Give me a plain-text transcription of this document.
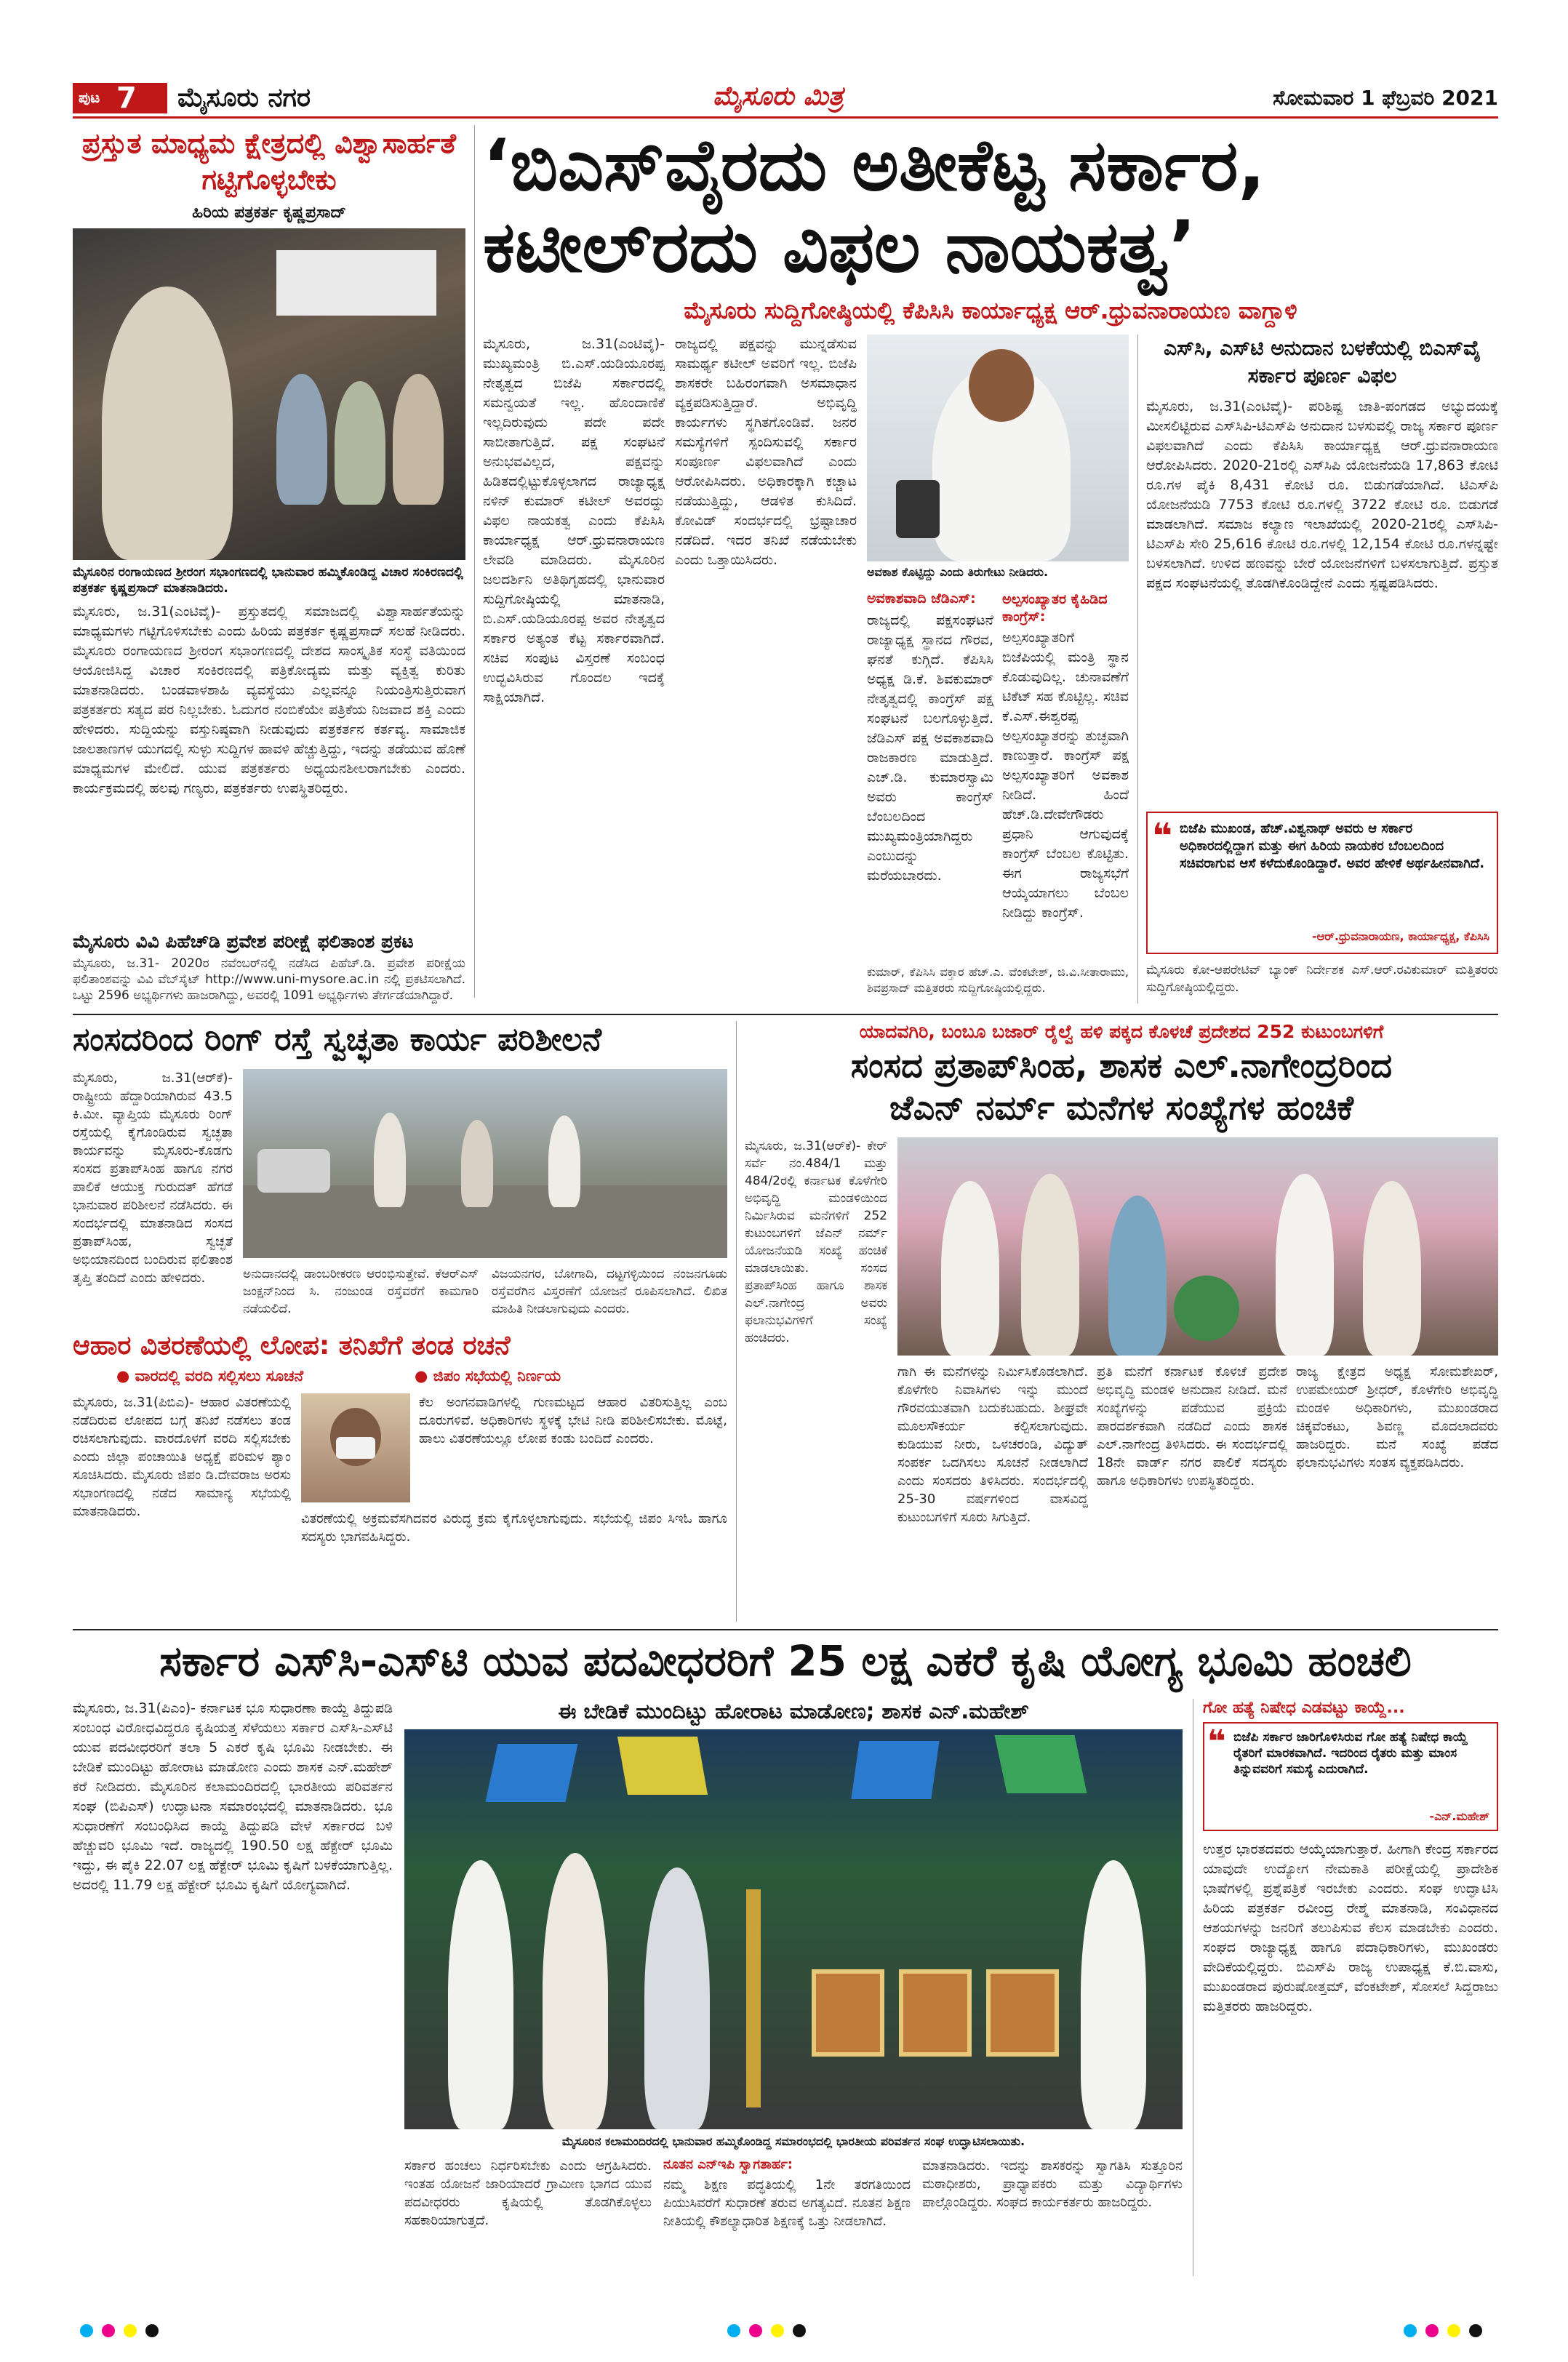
ಪುಟ 7 ಮೈಸೂರು ನಗರ	ಮೈಸೂರು ಮಿತ್ರ	ಸೋಮವಾರ 1 ಫೆಬ್ರವರಿ 2021
ಪ್ರಸ್ತುತ ಮಾಧ್ಯಮ ಕ್ಷೇತ್ರದಲ್ಲಿ ವಿಶ್ವಾಸಾರ್ಹತೆ ಗಟ್ಟಿಗೊಳ್ಳಬೇಕು
ಹಿರಿಯ ಪತ್ರಕರ್ತ ಕೃಷ್ಣಪ್ರಸಾದ್
ಮೈಸೂರಿನ ರಂಗಾಯಣದ ಶ್ರೀರಂಗ ಸಭಾಂಗಣದಲ್ಲಿ ಭಾನುವಾರ ಹಮ್ಮಿಕೊಂಡಿದ್ದ ವಿಚಾರ ಸಂಕಿರಣದಲ್ಲಿ ಪತ್ರಕರ್ತ ಕೃಷ್ಣಪ್ರಸಾದ್ ಮಾತನಾಡಿದರು.
ಮೈಸೂರು, ಜ.31(ಎಂಟಿವೈ)- ಪ್ರಸ್ತುತದಲ್ಲಿ ಸಮಾಜದಲ್ಲಿ ವಿಶ್ವಾಸಾರ್ಹತೆಯನ್ನು ಮಾಧ್ಯಮಗಳು ಗಟ್ಟಿಗೊಳಿಸಬೇಕು ಎಂದು ಹಿರಿಯ ಪತ್ರಕರ್ತ ಕೃಷ್ಣಪ್ರಸಾದ್ ಸಲಹೆ ನೀಡಿದರು. ಮೈಸೂರು ರಂಗಾಯಣದ ಶ್ರೀರಂಗ ಸಭಾಂಗಣದಲ್ಲಿ ದೇಶದ ಸಾಂಸ್ಕೃತಿಕ ಸಂಸ್ಥೆ ವತಿಯಿಂದ ಆಯೋಜಿಸಿದ್ದ ವಿಚಾರ ಸಂಕಿರಣದಲ್ಲಿ ಪತ್ರಿಕೋದ್ಯಮ ಮತ್ತು ವ್ಯಕ್ತಿತ್ವ ಕುರಿತು ಮಾತನಾಡಿದರು. ಬಂಡವಾಳಶಾಹಿ ವ್ಯವಸ್ಥೆಯು ಎಲ್ಲವನ್ನೂ ನಿಯಂತ್ರಿಸುತ್ತಿರುವಾಗ ಪತ್ರಕರ್ತರು ಸತ್ಯದ ಪರ ನಿಲ್ಲಬೇಕು. ಓದುಗರ ನಂಬಿಕೆಯೇ ಪತ್ರಿಕೆಯ ನಿಜವಾದ ಶಕ್ತಿ ಎಂದು ಹೇಳಿದರು. ಸುದ್ದಿಯನ್ನು ವಸ್ತುನಿಷ್ಠವಾಗಿ ನೀಡುವುದು ಪತ್ರಕರ್ತನ ಕರ್ತವ್ಯ. ಸಾಮಾಜಿಕ ಜಾಲತಾಣಗಳ ಯುಗದಲ್ಲಿ ಸುಳ್ಳು ಸುದ್ದಿಗಳ ಹಾವಳಿ ಹೆಚ್ಚುತ್ತಿದ್ದು, ಇದನ್ನು ತಡೆಯುವ ಹೊಣೆ ಮಾಧ್ಯಮಗಳ ಮೇಲಿದೆ. ಯುವ ಪತ್ರಕರ್ತರು ಅಧ್ಯಯನಶೀಲರಾಗಬೇಕು ಎಂದರು. ಕಾರ್ಯಕ್ರಮದಲ್ಲಿ ಹಲವು ಗಣ್ಯರು, ಪತ್ರಕರ್ತರು ಉಪಸ್ಥಿತರಿದ್ದರು.
ಮೈಸೂರು ವಿವಿ ಪಿಹೆಚ್‌ಡಿ ಪ್ರವೇಶ ಪರೀಕ್ಷೆ ಫಲಿತಾಂಶ ಪ್ರಕಟ
ಮೈಸೂರು, ಜ.31- 2020ರ ನವೆಂಬರ್‌ನಲ್ಲಿ ನಡೆಸಿದ ಪಿಹೆಚ್.ಡಿ. ಪ್ರವೇಶ ಪರೀಕ್ಷೆಯ ಫಲಿತಾಂಶವನ್ನು ವಿವಿ ವೆಬ್‌ಸೈಟ್ http://www.uni-mysore.ac.in ನಲ್ಲಿ ಪ್ರಕಟಿಸಲಾಗಿದೆ. ಒಟ್ಟು 2596 ಅಭ್ಯರ್ಥಿಗಳು ಹಾಜರಾಗಿದ್ದು, ಅವರಲ್ಲಿ 1091 ಅಭ್ಯರ್ಥಿಗಳು ತೇರ್ಗಡೆಯಾಗಿದ್ದಾರೆ.
‘ಬಿಎಸ್‌ವೈರದು ಅತೀಕೆಟ್ಟ ಸರ್ಕಾರ,
ಕಟೀಲ್‌ರದು ವಿಫಲ ನಾಯಕತ್ವ’
ಮೈಸೂರು ಸುದ್ದಿಗೋಷ್ಠಿಯಲ್ಲಿ ಕೆಪಿಸಿಸಿ ಕಾರ್ಯಾಧ್ಯಕ್ಷ ಆರ್.ಧ್ರುವನಾರಾಯಣ ವಾಗ್ದಾಳಿ
ಮೈಸೂರು, ಜ.31(ಎಂಟಿವೈ)- ಮುಖ್ಯಮಂತ್ರಿ ಬಿ.ಎಸ್.ಯಡಿಯೂರಪ್ಪ ನೇತೃತ್ವದ ಬಿಜೆಪಿ ಸರ್ಕಾರದಲ್ಲಿ ಸಮನ್ವಯತೆ ಇಲ್ಲ. ಹೊಂದಾಣಿಕೆ ಇಲ್ಲದಿರುವುದು ಪದೇ ಪದೇ ಸಾಬೀತಾಗುತ್ತಿದೆ. ಪಕ್ಷ ಸಂಘಟನೆ ಅನುಭವವಿಲ್ಲದ, ಪಕ್ಷವನ್ನು ಹಿಡಿತದಲ್ಲಿಟ್ಟುಕೊಳ್ಳಲಾಗದ ರಾಜ್ಯಾಧ್ಯಕ್ಷ ನಳಿನ್ ಕುಮಾರ್ ಕಟೀಲ್ ಅವರದ್ದು ವಿಫಲ ನಾಯಕತ್ವ ಎಂದು ಕೆಪಿಸಿಸಿ ಕಾರ್ಯಾಧ್ಯಕ್ಷ ಆರ್.ಧ್ರುವನಾರಾಯಣ ಲೇವಡಿ ಮಾಡಿದರು. ಮೈಸೂರಿನ ಜಲದರ್ಶಿನಿ ಅತಿಥಿಗೃಹದಲ್ಲಿ ಭಾನುವಾರ ಸುದ್ದಿಗೋಷ್ಠಿಯಲ್ಲಿ ಮಾತನಾಡಿ, ಬಿ.ಎಸ್.ಯಡಿಯೂರಪ್ಪ ಅವರ ನೇತೃತ್ವದ ಸರ್ಕಾರ ಅತ್ಯಂತ ಕೆಟ್ಟ ಸರ್ಕಾರವಾಗಿದೆ. ಸಚಿವ ಸಂಪುಟ ವಿಸ್ತರಣೆ ಸಂಬಂಧ ಉದ್ಭವಿಸಿರುವ ಗೊಂದಲ ಇದಕ್ಕೆ ಸಾಕ್ಷಿಯಾಗಿದೆ.
ರಾಜ್ಯದಲ್ಲಿ ಪಕ್ಷವನ್ನು ಮುನ್ನಡೆಸುವ ಸಾಮರ್ಥ್ಯ ಕಟೀಲ್ ಅವರಿಗೆ ಇಲ್ಲ. ಬಿಜೆಪಿ ಶಾಸಕರೇ ಬಹಿರಂಗವಾಗಿ ಅಸಮಾಧಾನ ವ್ಯಕ್ತಪಡಿಸುತ್ತಿದ್ದಾರೆ. ಅಭಿವೃದ್ಧಿ ಕಾರ್ಯಗಳು ಸ್ಥಗಿತಗೊಂಡಿವೆ. ಜನರ ಸಮಸ್ಯೆಗಳಿಗೆ ಸ್ಪಂದಿಸುವಲ್ಲಿ ಸರ್ಕಾರ ಸಂಪೂರ್ಣ ವಿಫಲವಾಗಿದೆ ಎಂದು ಆರೋಪಿಸಿದರು. ಅಧಿಕಾರಕ್ಕಾಗಿ ಕಚ್ಚಾಟ ನಡೆಯುತ್ತಿದ್ದು, ಆಡಳಿತ ಕುಸಿದಿದೆ. ಕೋವಿಡ್ ಸಂದರ್ಭದಲ್ಲಿ ಭ್ರಷ್ಟಾಚಾರ ನಡೆದಿದೆ. ಇದರ ತನಿಖೆ ನಡೆಯಬೇಕು ಎಂದು ಒತ್ತಾಯಿಸಿದರು.
ಅವಕಾಶ ಕೊಟ್ಟಿದ್ದು ಎಂದು ತಿರುಗೇಟು ನೀಡಿದರು.
ಅವಕಾಶವಾದಿ ಜೆಡಿಎಸ್:
ರಾಜ್ಯದಲ್ಲಿ ಪಕ್ಷಸಂಘಟನೆ ರಾಜ್ಯಾಧ್ಯಕ್ಷ ಸ್ಥಾನದ ಗೌರವ, ಘನತೆ ಕುಗ್ಗಿದೆ. ಕೆಪಿಸಿಸಿ ಅಧ್ಯಕ್ಷ ಡಿ.ಕೆ. ಶಿವಕುಮಾರ್ ನೇತೃತ್ವದಲ್ಲಿ ಕಾಂಗ್ರೆಸ್ ಪಕ್ಷ ಸಂಘಟನೆ ಬಲಗೊಳ್ಳುತ್ತಿದೆ. ಜೆಡಿಎಸ್ ಪಕ್ಷ ಅವಕಾಶವಾದಿ ರಾಜಕಾರಣ ಮಾಡುತ್ತಿದೆ. ಎಚ್.ಡಿ. ಕುಮಾರಸ್ವಾಮಿ ಅವರು ಕಾಂಗ್ರೆಸ್ ಬೆಂಬಲದಿಂದ ಮುಖ್ಯಮಂತ್ರಿಯಾಗಿದ್ದರು ಎಂಬುದನ್ನು ಮರೆಯಬಾರದು.
ಅಲ್ಪಸಂಖ್ಯಾತರ ಕೈಹಿಡಿದ ಕಾಂಗ್ರೆಸ್:
ಅಲ್ಪಸಂಖ್ಯಾತರಿಗೆ ಬಿಜೆಪಿಯಲ್ಲಿ ಮಂತ್ರಿ ಸ್ಥಾನ ಕೊಡುವುದಿಲ್ಲ. ಚುನಾವಣೆಗೆ ಟಿಕೆಟ್ ಸಹ ಕೊಟ್ಟಿಲ್ಲ. ಸಚಿವ ಕೆ.ಎಸ್.ಈಶ್ವರಪ್ಪ ಅಲ್ಪಸಂಖ್ಯಾತರನ್ನು ತುಚ್ಛವಾಗಿ ಕಾಣುತ್ತಾರೆ. ಕಾಂಗ್ರೆಸ್ ಪಕ್ಷ ಅಲ್ಪಸಂಖ್ಯಾತರಿಗೆ ಅವಕಾಶ ನೀಡಿದೆ. ಹಿಂದೆ ಹೆಚ್.ಡಿ.ದೇವೇಗೌಡರು ಪ್ರಧಾನಿ ಆಗುವುದಕ್ಕೆ ಕಾಂಗ್ರೆಸ್ ಬೆಂಬಲ ಕೊಟ್ಟಿತು. ಈಗ ರಾಜ್ಯಸಭೆಗೆ ಆಯ್ಕೆಯಾಗಲು ಬೆಂಬಲ ನೀಡಿದ್ದು ಕಾಂಗ್ರೆಸ್.
ಕುಮಾರ್, ಕೆಪಿಸಿಸಿ ವಕ್ತಾರ ಹೆಚ್.ಎ. ವೆಂಕಟೇಶ್, ಜಿ.ವಿ.ಸೀತಾರಾಮು, ಶಿವಪ್ರಸಾದ್ ಮತ್ತಿತರರು ಸುದ್ದಿಗೋಷ್ಠಿಯಲ್ಲಿದ್ದರು.
ಎಸ್‌ಸಿ, ಎಸ್‌ಟಿ ಅನುದಾನ ಬಳಕೆಯಲ್ಲಿ ಬಿಎಸ್‌ವೈ ಸರ್ಕಾರ ಪೂರ್ಣ ವಿಫಲ
ಮೈಸೂರು, ಜ.31(ಎಂಟಿವೈ)- ಪರಿಶಿಷ್ಟ ಜಾತಿ-ಪಂಗಡದ ಅಭ್ಯುದಯಕ್ಕೆ ಮೀಸಲಿಟ್ಟಿರುವ ಎಸ್‌ಸಿಪಿ-ಟಿಎಸ್‌ಪಿ ಅನುದಾನ ಬಳಸುವಲ್ಲಿ ರಾಜ್ಯ ಸರ್ಕಾರ ಪೂರ್ಣ ವಿಫಲವಾಗಿದೆ ಎಂದು ಕೆಪಿಸಿಸಿ ಕಾರ್ಯಾಧ್ಯಕ್ಷ ಆರ್.ಧ್ರುವನಾರಾಯಣ ಆರೋಪಿಸಿದರು. 2020-21ರಲ್ಲಿ ಎಸ್‌ಸಿಪಿ ಯೋಜನೆಯಡಿ 17,863 ಕೋಟಿ ರೂ.ಗಳ ಪೈಕಿ 8,431 ಕೋಟಿ ರೂ. ಬಿಡುಗಡೆಯಾಗಿದೆ. ಟಿಎಸ್‌ಪಿ ಯೋಜನೆಯಡಿ 7753 ಕೋಟಿ ರೂ.ಗಳಲ್ಲಿ 3722 ಕೋಟಿ ರೂ. ಬಿಡುಗಡೆ ಮಾಡಲಾಗಿದೆ. ಸಮಾಜ ಕಲ್ಯಾಣ ಇಲಾಖೆಯಲ್ಲಿ 2020-21ರಲ್ಲಿ ಎಸ್‌ಸಿಪಿ-ಟಿಎಸ್‌ಪಿ ಸೇರಿ 25,616 ಕೋಟಿ ರೂ.ಗಳಲ್ಲಿ 12,154 ಕೋಟಿ ರೂ.ಗಳನ್ನಷ್ಟೇ ಬಳಸಲಾಗಿದೆ. ಉಳಿದ ಹಣವನ್ನು ಬೇರೆ ಯೋಜನೆಗಳಿಗೆ ಬಳಸಲಾಗುತ್ತಿದೆ. ಪ್ರಸ್ತುತ ಪಕ್ಷದ ಸಂಘಟನೆಯಲ್ಲಿ ತೊಡಗಿಕೊಂಡಿದ್ದೇನೆ ಎಂದು ಸ್ಪಷ್ಟಪಡಿಸಿದರು.
❝ ಬಿಜೆಪಿ ಮುಖಂಡ, ಹೆಚ್.ವಿಶ್ವನಾಥ್ ಅವರು ಆ ಸರ್ಕಾರ ಅಧಿಕಾರದಲ್ಲಿದ್ದಾಗ ಮತ್ತು ಈಗ ಹಿರಿಯ ನಾಯಕರ ಬೆಂಬಲದಿಂದ ಸಚಿವರಾಗುವ ಆಸೆ ಕಳೆದುಕೊಂಡಿದ್ದಾರೆ. ಅವರ ಹೇಳಿಕೆ ಅರ್ಥಹೀನವಾಗಿದೆ.
-ಆರ್.ಧ್ರುವನಾರಾಯಣ, ಕಾರ್ಯಾಧ್ಯಕ್ಷ, ಕೆಪಿಸಿಸಿ
ಮೈಸೂರು ಕೋ-ಆಪರೇಟಿವ್ ಬ್ಯಾಂಕ್ ನಿರ್ದೇಶಕ ಎಸ್.ಆರ್.ರವಿಕುಮಾರ್ ಮತ್ತಿತರರು ಸುದ್ದಿಗೋಷ್ಠಿಯಲ್ಲಿದ್ದರು.
ಸಂಸದರಿಂದ ರಿಂಗ್ ರಸ್ತೆ ಸ್ವಚ್ಛತಾ ಕಾರ್ಯ ಪರಿಶೀಲನೆ
ಮೈಸೂರು, ಜ.31(ಆರ್‌ಕೆ)- ರಾಷ್ಟ್ರೀಯ ಹೆದ್ದಾರಿಯಾಗಿರುವ 43.5 ಕಿ.ಮೀ. ವ್ಯಾಪ್ತಿಯ ಮೈಸೂರು ರಿಂಗ್ ರಸ್ತೆಯಲ್ಲಿ ಕೈಗೊಂಡಿರುವ ಸ್ವಚ್ಛತಾ ಕಾರ್ಯವನ್ನು ಮೈಸೂರು-ಕೊಡಗು ಸಂಸದ ಪ್ರತಾಪ್‌ಸಿಂಹ ಹಾಗೂ ನಗರ ಪಾಲಿಕೆ ಆಯುಕ್ತ ಗುರುದತ್ ಹೆಗಡೆ ಭಾನುವಾರ ಪರಿಶೀಲನೆ ನಡೆಸಿದರು. ಈ ಸಂದರ್ಭದಲ್ಲಿ ಮಾತನಾಡಿದ ಸಂಸದ ಪ್ರತಾಪ್‌ಸಿಂಹ, ಸ್ವಚ್ಛತೆ ಅಭಿಯಾನದಿಂದ ಬಂದಿರುವ ಫಲಿತಾಂಶ ತೃಪ್ತಿ ತಂದಿದೆ ಎಂದು ಹೇಳಿದರು.	ಅನುದಾನದಲ್ಲಿ ಡಾಂಬರೀಕರಣ ಆರಂಭಿಸುತ್ತೇವೆ. ಕೆಆರ್‌ಎಸ್ ಜಂಕ್ಷನ್‌ನಿಂದ ಸಿ. ನಂಜುಂಡ ರಸ್ತೆವರೆಗೆ ಕಾಮಗಾರಿ ನಡೆಯಲಿದೆ.
ವಿಜಯನಗರ, ಬೋಗಾದಿ, ದಟ್ಟಗಳ್ಳಿಯಿಂದ ನಂಜನಗೂಡು ರಸ್ತೆವರೆಗಿನ ವಿಸ್ತರಣೆಗೆ ಯೋಜನೆ ರೂಪಿಸಲಾಗಿದೆ. ಲಿಖಿತ ಮಾಹಿತಿ ನೀಡಲಾಗುವುದು ಎಂದರು.
ಆಹಾರ ವಿತರಣೆಯಲ್ಲಿ ಲೋಪ: ತನಿಖೆಗೆ ತಂಡ ರಚನೆ
● ವಾರದಲ್ಲಿ ವರದಿ ಸಲ್ಲಿಸಲು ಸೂಚನೆ	● ಜಿಪಂ ಸಭೆಯಲ್ಲಿ ನಿರ್ಣಯ
ಮೈಸೂರು, ಜ.31(ಪಿಬಿಎ)- ಆಹಾರ ವಿತರಣೆಯಲ್ಲಿ ನಡೆದಿರುವ ಲೋಪದ ಬಗ್ಗೆ ತನಿಖೆ ನಡೆಸಲು ತಂಡ ರಚಿಸಲಾಗುವುದು. ವಾರದೊಳಗೆ ವರದಿ ಸಲ್ಲಿಸಬೇಕು ಎಂದು ಜಿಲ್ಲಾ ಪಂಚಾಯಿತಿ ಅಧ್ಯಕ್ಷೆ ಪರಿಮಳ ಶ್ಯಾಂ ಸೂಚಿಸಿದರು. ಮೈಸೂರು ಜಿಪಂ ಡಿ.ದೇವರಾಜ ಅರಸು ಸಭಾಂಗಣದಲ್ಲಿ ನಡೆದ ಸಾಮಾನ್ಯ ಸಭೆಯಲ್ಲಿ ಮಾತನಾಡಿದರು.
ಕೆಲ ಅಂಗನವಾಡಿಗಳಲ್ಲಿ ಗುಣಮಟ್ಟದ ಆಹಾರ ವಿತರಿಸುತ್ತಿಲ್ಲ ಎಂಬ ದೂರುಗಳಿವೆ. ಅಧಿಕಾರಿಗಳು ಸ್ಥಳಕ್ಕೆ ಭೇಟಿ ನೀಡಿ ಪರಿಶೀಲಿಸಬೇಕು. ಮೊಟ್ಟೆ, ಹಾಲು ವಿತರಣೆಯಲ್ಲೂ ಲೋಪ ಕಂಡು ಬಂದಿದೆ ಎಂದರು.
ವಿತರಣೆಯಲ್ಲಿ ಅಕ್ರಮವೆಸಗಿದವರ ವಿರುದ್ಧ ಕ್ರಮ ಕೈಗೊಳ್ಳಲಾಗುವುದು. ಸಭೆಯಲ್ಲಿ ಜಿಪಂ ಸಿಇಓ ಹಾಗೂ ಸದಸ್ಯರು ಭಾಗವಹಿಸಿದ್ದರು.
ಯಾದವಗಿರಿ, ಬಂಬೂ ಬಜಾರ್ ರೈಲ್ವೆ ಹಳಿ ಪಕ್ಕದ ಕೊಳಚೆ ಪ್ರದೇಶದ 252 ಕುಟುಂಬಗಳಿಗೆ
ಸಂಸದ ಪ್ರತಾಪ್‌ಸಿಂಹ, ಶಾಸಕ ಎಲ್.ನಾಗೇಂದ್ರರಿಂದ
ಜೆಎನ್ ನರ್ಮ್ ಮನೆಗಳ ಸಂಖ್ಯೆಗಳ ಹಂಚಿಕೆ
ಮೈಸೂರು, ಜ.31(ಆರ್‌ಕೆ)- ಕೇರ್ ಸರ್ವೆ ನಂ.484/1 ಮತ್ತು 484/2ರಲ್ಲಿ ಕರ್ನಾಟಕ ಕೊಳೆಗೇರಿ ಅಭಿವೃದ್ಧಿ ಮಂಡಳಿಯಿಂದ ನಿರ್ಮಿಸಿರುವ ಮನೆಗಳಿಗೆ 252 ಕುಟುಂಬಗಳಿಗೆ ಜೆಎನ್ ನರ್ಮ್ ಯೋಜನೆಯಡಿ ಸಂಖ್ಯೆ ಹಂಚಿಕೆ ಮಾಡಲಾಯಿತು. ಸಂಸದ ಪ್ರತಾಪ್‌ಸಿಂಹ ಹಾಗೂ ಶಾಸಕ ಎಲ್.ನಾಗೇಂದ್ರ ಅವರು ಫಲಾನುಭವಿಗಳಿಗೆ ಸಂಖ್ಯೆ ಹಂಚಿದರು.
ಗಾಗಿ ಈ ಮನೆಗಳನ್ನು ನಿರ್ಮಿಸಿಕೊಡಲಾಗಿದೆ. ಕೊಳೆಗೇರಿ ನಿವಾಸಿಗಳು ಇನ್ನು ಮುಂದೆ ಗೌರವಯುತವಾಗಿ ಬದುಕಬಹುದು. ಶೀಘ್ರವೇ ಮೂಲಸೌಕರ್ಯ ಕಲ್ಪಿಸಲಾಗುವುದು. ಕುಡಿಯುವ ನೀರು, ಒಳಚರಂಡಿ, ವಿದ್ಯುತ್ ಸಂಪರ್ಕ ಒದಗಿಸಲು ಸೂಚನೆ ನೀಡಲಾಗಿದೆ ಎಂದು ಸಂಸದರು ತಿಳಿಸಿದರು. ಸಂದರ್ಭದಲ್ಲಿ 25-30 ವರ್ಷಗಳಿಂದ ವಾಸವಿದ್ದ ಕುಟುಂಬಗಳಿಗೆ ಸೂರು ಸಿಗುತ್ತಿದೆ.
ಪ್ರತಿ ಮನೆಗೆ ಕರ್ನಾಟಕ ಕೊಳಚೆ ಪ್ರದೇಶ ಅಭಿವೃದ್ಧಿ ಮಂಡಳಿ ಅನುದಾನ ನೀಡಿದೆ. ಮನೆ ಸಂಖ್ಯೆಗಳನ್ನು ಪಡೆಯುವ ಪ್ರಕ್ರಿಯೆ ಪಾರದರ್ಶಕವಾಗಿ ನಡೆದಿದೆ ಎಂದು ಶಾಸಕ ಎಲ್.ನಾಗೇಂದ್ರ ತಿಳಿಸಿದರು. ಈ ಸಂದರ್ಭದಲ್ಲಿ 18ನೇ ವಾರ್ಡ್ ನಗರ ಪಾಲಿಕೆ ಸದಸ್ಯರು ಹಾಗೂ ಅಧಿಕಾರಿಗಳು ಉಪಸ್ಥಿತರಿದ್ದರು.
ರಾಜ್ಯ ಕ್ಷೇತ್ರದ ಅಧ್ಯಕ್ಷ ಸೋಮಶೇಖರ್, ಉಪಮೇಯರ್ ಶ್ರೀಧರ್, ಕೊಳೆಗೇರಿ ಅಭಿವೃದ್ಧಿ ಮಂಡಳಿ ಅಧಿಕಾರಿಗಳು, ಮುಖಂಡರಾದ ಚಿಕ್ಕವೆಂಕಟು, ಶಿವಣ್ಣ ಮೊದಲಾದವರು ಹಾಜರಿದ್ದರು. ಮನೆ ಸಂಖ್ಯೆ ಪಡೆದ ಫಲಾನುಭವಿಗಳು ಸಂತಸ ವ್ಯಕ್ತಪಡಿಸಿದರು.
ಸರ್ಕಾರ ಎಸ್‌ಸಿ-ಎಸ್‌ಟಿ ಯುವ ಪದವೀಧರರಿಗೆ 25 ಲಕ್ಷ ಎಕರೆ ಕೃಷಿ ಯೋಗ್ಯ ಭೂಮಿ ಹಂಚಲಿ
ಮೈಸೂರು, ಜ.31(ಪಿಎಂ)- ಕರ್ನಾಟಕ ಭೂ ಸುಧಾರಣಾ ಕಾಯ್ದೆ ತಿದ್ದುಪಡಿ ಸಂಬಂಧ ವಿರೋಧವಿದ್ದರೂ ಕೃಷಿಯತ್ತ ಸೆಳೆಯಲು ಸರ್ಕಾರ ಎಸ್‌ಸಿ-ಎಸ್‌ಟಿ ಯುವ ಪದವೀಧರರಿಗೆ ತಲಾ 5 ಎಕರೆ ಕೃಷಿ ಭೂಮಿ ನೀಡಬೇಕು. ಈ ಬೇಡಿಕೆ ಮುಂದಿಟ್ಟು ಹೋರಾಟ ಮಾಡೋಣ ಎಂದು ಶಾಸಕ ಎನ್.ಮಹೇಶ್ ಕರೆ ನೀಡಿದರು. ಮೈಸೂರಿನ ಕಲಾಮಂದಿರದಲ್ಲಿ ಭಾರತೀಯ ಪರಿವರ್ತನ ಸಂಘ (ಬಿಪಿಎಸ್) ಉದ್ಘಾಟನಾ ಸಮಾರಂಭದಲ್ಲಿ ಮಾತನಾಡಿದರು. ಭೂ ಸುಧಾರಣೆಗೆ ಸಂಬಂಧಿಸಿದ ಕಾಯ್ದೆ ತಿದ್ದುಪಡಿ ವೇಳೆ ಸರ್ಕಾರದ ಬಳಿ ಹೆಚ್ಚುವರಿ ಭೂಮಿ ಇದೆ. ರಾಜ್ಯದಲ್ಲಿ 190.50 ಲಕ್ಷ ಹೆಕ್ಟೇರ್ ಭೂಮಿ ಇದ್ದು, ಈ ಪೈಕಿ 22.07 ಲಕ್ಷ ಹೆಕ್ಟೇರ್ ಭೂಮಿ ಕೃಷಿಗೆ ಬಳಕೆಯಾಗುತ್ತಿಲ್ಲ. ಅದರಲ್ಲಿ 11.79 ಲಕ್ಷ ಹೆಕ್ಟೇರ್ ಭೂಮಿ ಕೃಷಿಗೆ ಯೋಗ್ಯವಾಗಿದೆ.
ಈ ಬೇಡಿಕೆ ಮುಂದಿಟ್ಟು ಹೋರಾಟ ಮಾಡೋಣ; ಶಾಸಕ ಎನ್.ಮಹೇಶ್
ಮೈಸೂರಿನ ಕಲಾಮಂದಿರದಲ್ಲಿ ಭಾನುವಾರ ಹಮ್ಮಿಕೊಂಡಿದ್ದ ಸಮಾರಂಭದಲ್ಲಿ ಭಾರತೀಯ ಪರಿವರ್ತನ ಸಂಘ ಉದ್ಘಾಟಿಸಲಾಯಿತು.
ಸರ್ಕಾರ ಹಂಚಲು ನಿರ್ಧರಿಸಬೇಕು ಎಂದು ಆಗ್ರಹಿಸಿದರು. ಇಂತಹ ಯೋಜನೆ ಜಾರಿಯಾದರೆ ಗ್ರಾಮೀಣ ಭಾಗದ ಯುವ ಪದವೀಧರರು ಕೃಷಿಯಲ್ಲಿ ತೊಡಗಿಕೊಳ್ಳಲು ಸಹಕಾರಿಯಾಗುತ್ತದೆ.
ನೂತನ ಎನ್‌ಇಪಿ ಸ್ವಾಗತಾರ್ಹ:
ನಮ್ಮ ಶಿಕ್ಷಣ ಪದ್ಧತಿಯಲ್ಲಿ 1ನೇ ತರಗತಿಯಿಂದ ಪಿಯುಸಿವರೆಗೆ ಸುಧಾರಣೆ ತರುವ ಅಗತ್ಯವಿದೆ. ನೂತನ ಶಿಕ್ಷಣ ನೀತಿಯಲ್ಲಿ ಕೌಶಲ್ಯಾಧಾರಿತ ಶಿಕ್ಷಣಕ್ಕೆ ಒತ್ತು ನೀಡಲಾಗಿದೆ.
ಮಾತನಾಡಿದರು. ಇದನ್ನು ಶಾಸಕರನ್ನು ಸ್ವಾಗತಿಸಿ ಸುತ್ತೂರಿನ ಮಠಾಧೀಶರು, ಪ್ರಾಧ್ಯಾಪಕರು ಮತ್ತು ವಿದ್ಯಾರ್ಥಿಗಳು ಪಾಲ್ಗೊಂಡಿದ್ದರು. ಸಂಘದ ಕಾರ್ಯಕರ್ತರು ಹಾಜರಿದ್ದರು.
ಗೋ ಹತ್ಯೆ ನಿಷೇಧ ಎಡವಟ್ಟು ಕಾಯ್ದೆ...
❝ ಬಿಜೆಪಿ ಸರ್ಕಾರ ಜಾರಿಗೊಳಿಸಿರುವ ಗೋ ಹತ್ಯೆ ನಿಷೇಧ ಕಾಯ್ದೆ ರೈತರಿಗೆ ಮಾರಕವಾಗಿದೆ. ಇದರಿಂದ ರೈತರು ಮತ್ತು ಮಾಂಸ ತಿನ್ನುವವರಿಗೆ ಸಮಸ್ಯೆ ಎದುರಾಗಿದೆ.
-ಎನ್.ಮಹೇಶ್
ಉತ್ತರ ಭಾರತದವರು ಆಯ್ಕೆಯಾಗುತ್ತಾರೆ. ಹೀಗಾಗಿ ಕೇಂದ್ರ ಸರ್ಕಾರದ ಯಾವುದೇ ಉದ್ಯೋಗ ನೇಮಕಾತಿ ಪರೀಕ್ಷೆಯಲ್ಲಿ ಪ್ರಾದೇಶಿಕ ಭಾಷೆಗಳಲ್ಲಿ ಪ್ರಶ್ನೆಪತ್ರಿಕೆ ಇರಬೇಕು ಎಂದರು. ಸಂಘ ಉದ್ಘಾಟಿಸಿ ಹಿರಿಯ ಪತ್ರಕರ್ತ ರವೀಂದ್ರ ರೇಶ್ಮೆ ಮಾತನಾಡಿ, ಸಂವಿಧಾನದ ಆಶಯಗಳನ್ನು ಜನರಿಗೆ ತಲುಪಿಸುವ ಕೆಲಸ ಮಾಡಬೇಕು ಎಂದರು. ಸಂಘದ ರಾಜ್ಯಾಧ್ಯಕ್ಷ ಹಾಗೂ ಪದಾಧಿಕಾರಿಗಳು, ಮುಖಂಡರು ವೇದಿಕೆಯಲ್ಲಿದ್ದರು. ಬಿಎಸ್‌ಪಿ ರಾಜ್ಯ ಉಪಾಧ್ಯಕ್ಷ ಕೆ.ಬಿ.ವಾಸು, ಮುಖಂಡರಾದ ಪುರುಷೋತ್ತಮ್, ವೆಂಕಟೇಶ್, ಸೋಸಲೆ ಸಿದ್ದರಾಜು ಮತ್ತಿತರರು ಹಾಜರಿದ್ದರು.
